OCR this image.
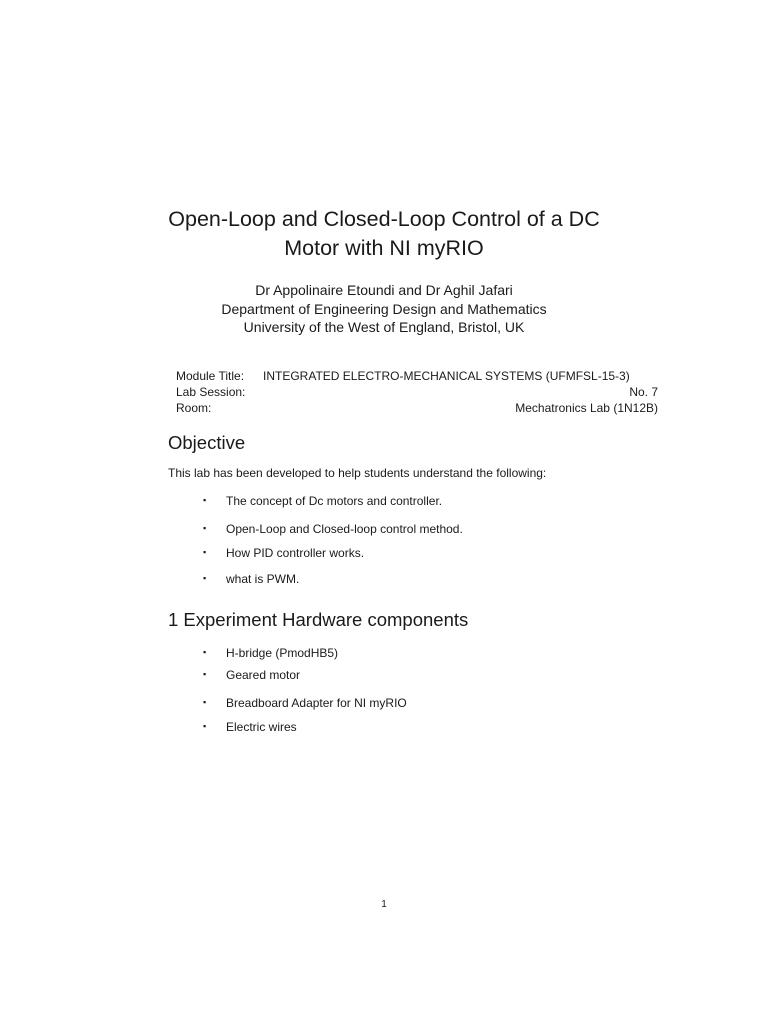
Open-Loop and Closed-Loop Control of a DC
Motor with NI myRIO
Dr Appolinaire Etoundi and Dr Aghil Jafari
Department of Engineering Design and Mathematics
University of the West of England, Bristol, UK
Module Title: INTEGRATED ELECTRO-MECHANICAL SYSTEMS (UFMFSL-15-3)
Lab Session:	No. 7
Room:	Mechatronics Lab (1N12B)
Objective
This lab has been developed to help students understand the following:
▪ The concept of Dc motors and controller.
▪ Open-Loop and Closed-loop control method.
▪ How PID controller works.
▪ what is PWM.
1 Experiment Hardware components
▪ H-bridge (PmodHB5)
▪ Geared motor
▪ Breadboard Adapter for NI myRIO
▪ Electric wires
1
